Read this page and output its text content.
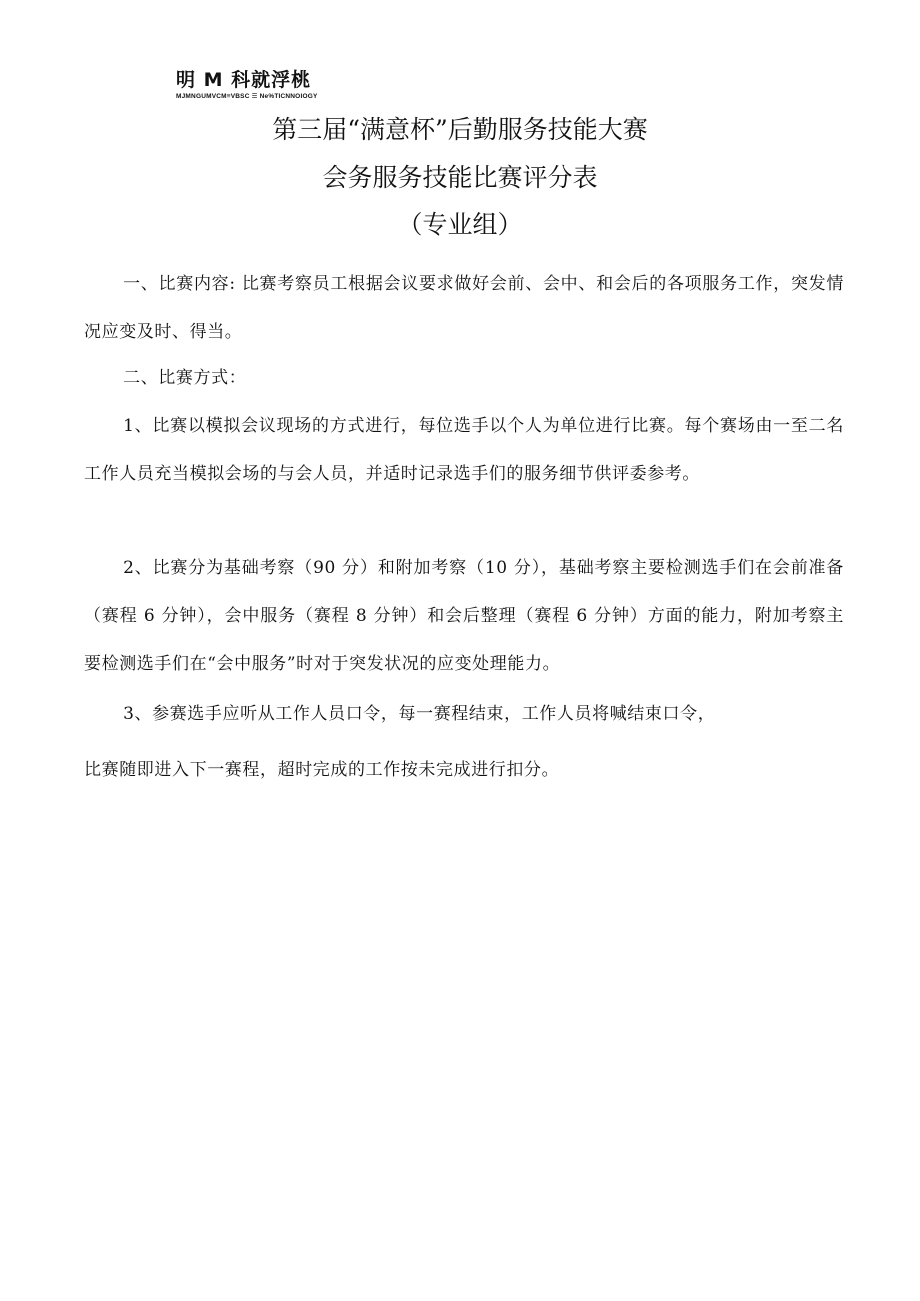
明 M 科就浮桃
MJMNGUMVCM≡VBSC ☰ Ne%TICNNOIOGY
第三届“满意杯”后勤服务技能大赛
会务服务技能比赛评分表
（专业组）

一、比赛内容: 比赛考察员工根据会议要求做好会前、会中、和会后的各项服务工作，突发情况应变及时、得当。

二、比赛方式：

1、比赛以模拟会议现场的方式进行，每位选手以个人为单位进行比赛。每个赛场由一至二名工作人员充当模拟会场的与会人员，并适时记录选手们的服务细节供评委参考。

2、比赛分为基础考察（90 分）和附加考察（10 分），基础考察主要检测选手们在会前准备（赛程 6 分钟），会中服务（赛程 8 分钟）和会后整理（赛程 6 分钟）方面的能力，附加考察主要检测选手们在“会中服务”时对于突发状况的应变处理能力。

3、参赛选手应听从工作人员口令，每一赛程结束，工作人员将喊结束口令，

比赛随即进入下一赛程，超时完成的工作按未完成进行扣分。
